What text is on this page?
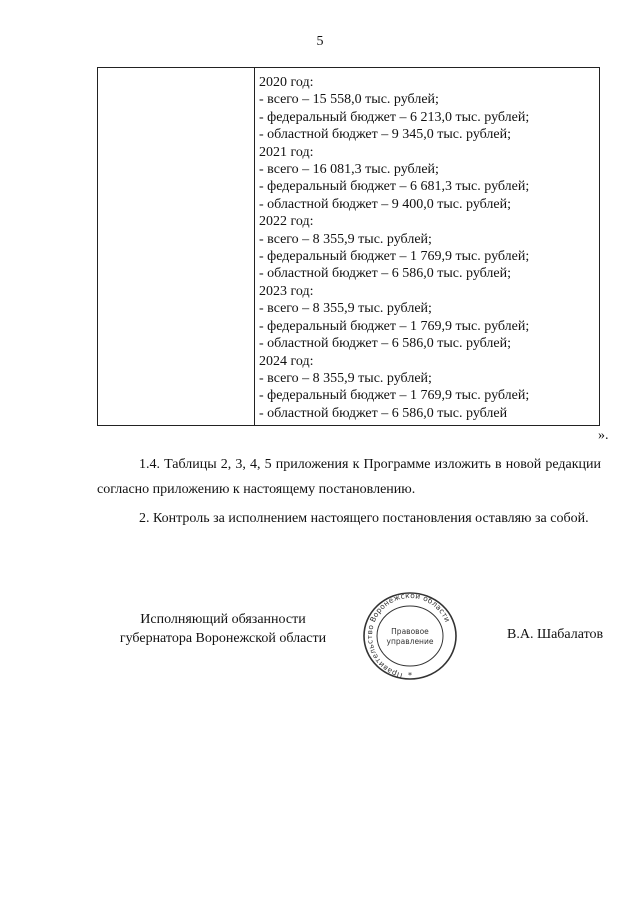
5
2020 год:
- всего – 15 558,0 тыс. рублей;
- федеральный бюджет – 6 213,0 тыс. рублей;
- областной бюджет – 9 345,0 тыс. рублей;
2021 год:
- всего – 16 081,3 тыс. рублей;
- федеральный бюджет – 6 681,3 тыс. рублей;
- областной бюджет – 9 400,0 тыс. рублей;
2022 год:
- всего – 8 355,9 тыс. рублей;
- федеральный бюджет – 1 769,9 тыс. рублей;
- областной бюджет – 6 586,0 тыс. рублей;
2023 год:
- всего – 8 355,9 тыс. рублей;
- федеральный бюджет – 1 769,9 тыс. рублей;
- областной бюджет – 6 586,0 тыс. рублей;
2024 год:
- всего – 8 355,9 тыс. рублей;
- федеральный бюджет – 1 769,9 тыс. рублей;
- областной бюджет – 6 586,0 тыс. рублей
».
1.4. Таблицы 2, 3, 4, 5 приложения к Программе изложить в новой редакции согласно приложению к настоящему постановлению.
2. Контроль за исполнением настоящего постановления оставляю за собой.
Исполняющий обязанности
губернатора Воронежской области
Правительство Воронежской области
Правовое
управление
*
В.А. Шабалатов
